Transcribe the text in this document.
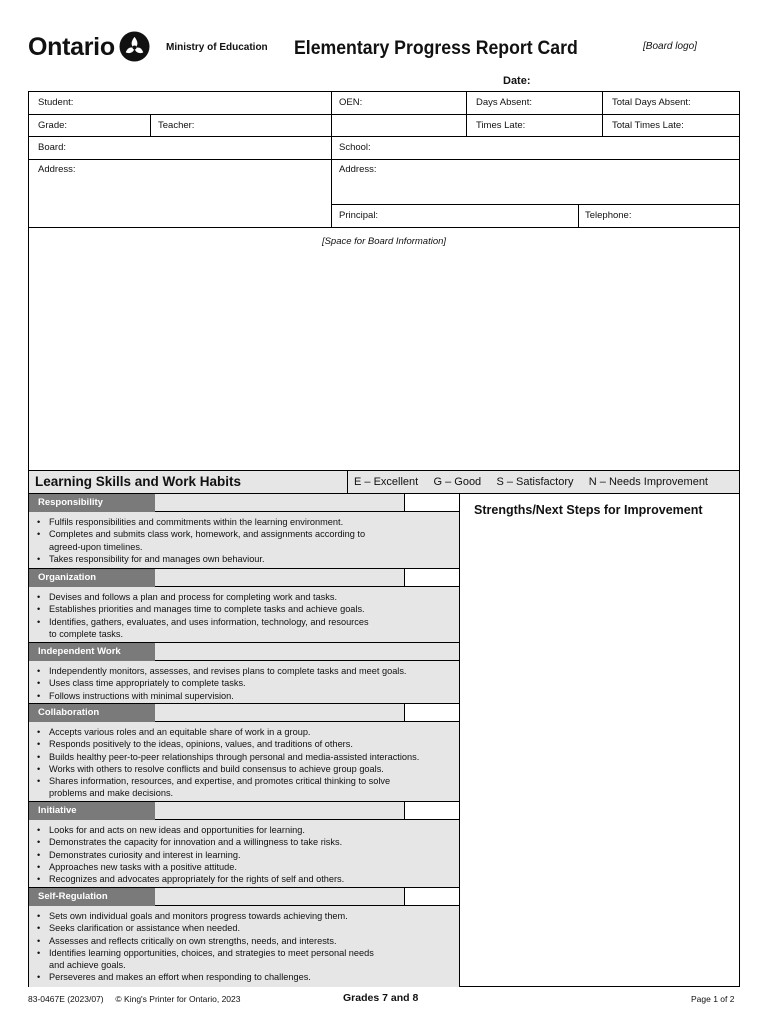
Ontario	Ministry of Education Elementary Progress Report Card	[Board logo]
Date:
Student:	OEN:	Days Absent:	Total Days Absent:
Grade:	Teacher:	Times Late:	Total Times Late:
Board:	School:
Address:	Address:
Principal:	Telephone:
[Space for Board Information]
Learning Skills and Work Habits	E – Excellent     G – Good     S – Satisfactory     N – Needs Improvement
Responsibility
• Fulfils responsibilities and commitments within the learning environment.
• Completes and submits class work, homework, and assignments according to
agreed-upon timelines.
• Takes responsibility for and manages own behaviour.
Organization
• Devises and follows a plan and process for completing work and tasks.
• Establishes priorities and manages time to complete tasks and achieve goals.
• Identifies, gathers, evaluates, and uses information, technology, and resources
to complete tasks.
Independent Work
• Independently monitors, assesses, and revises plans to complete tasks and meet goals.
• Uses class time appropriately to complete tasks.
• Follows instructions with minimal supervision.
Collaboration
• Accepts various roles and an equitable share of work in a group.
• Responds positively to the ideas, opinions, values, and traditions of others.
• Builds healthy peer-to-peer relationships through personal and media-assisted interactions.
• Works with others to resolve conflicts and build consensus to achieve group goals.
• Shares information, resources, and expertise, and promotes critical thinking to solve
problems and make decisions.
Initiative
• Looks for and acts on new ideas and opportunities for learning.
• Demonstrates the capacity for innovation and a willingness to take risks.
• Demonstrates curiosity and interest in learning.
• Approaches new tasks with a positive attitude.
• Recognizes and advocates appropriately for the rights of self and others.
Self-Regulation
• Sets own individual goals and monitors progress towards achieving them.
• Seeks clarification or assistance when needed.
• Assesses and reflects critically on own strengths, needs, and interests.
• Identifies learning opportunities, choices, and strategies to meet personal needs
and achieve goals.
• Perseveres and makes an effort when responding to challenges.
Strengths/Next Steps for Improvement
83-0467E (2023/07)     © King's Printer for Ontario, 2023	Grades 7 and 8	Page 1 of 2
